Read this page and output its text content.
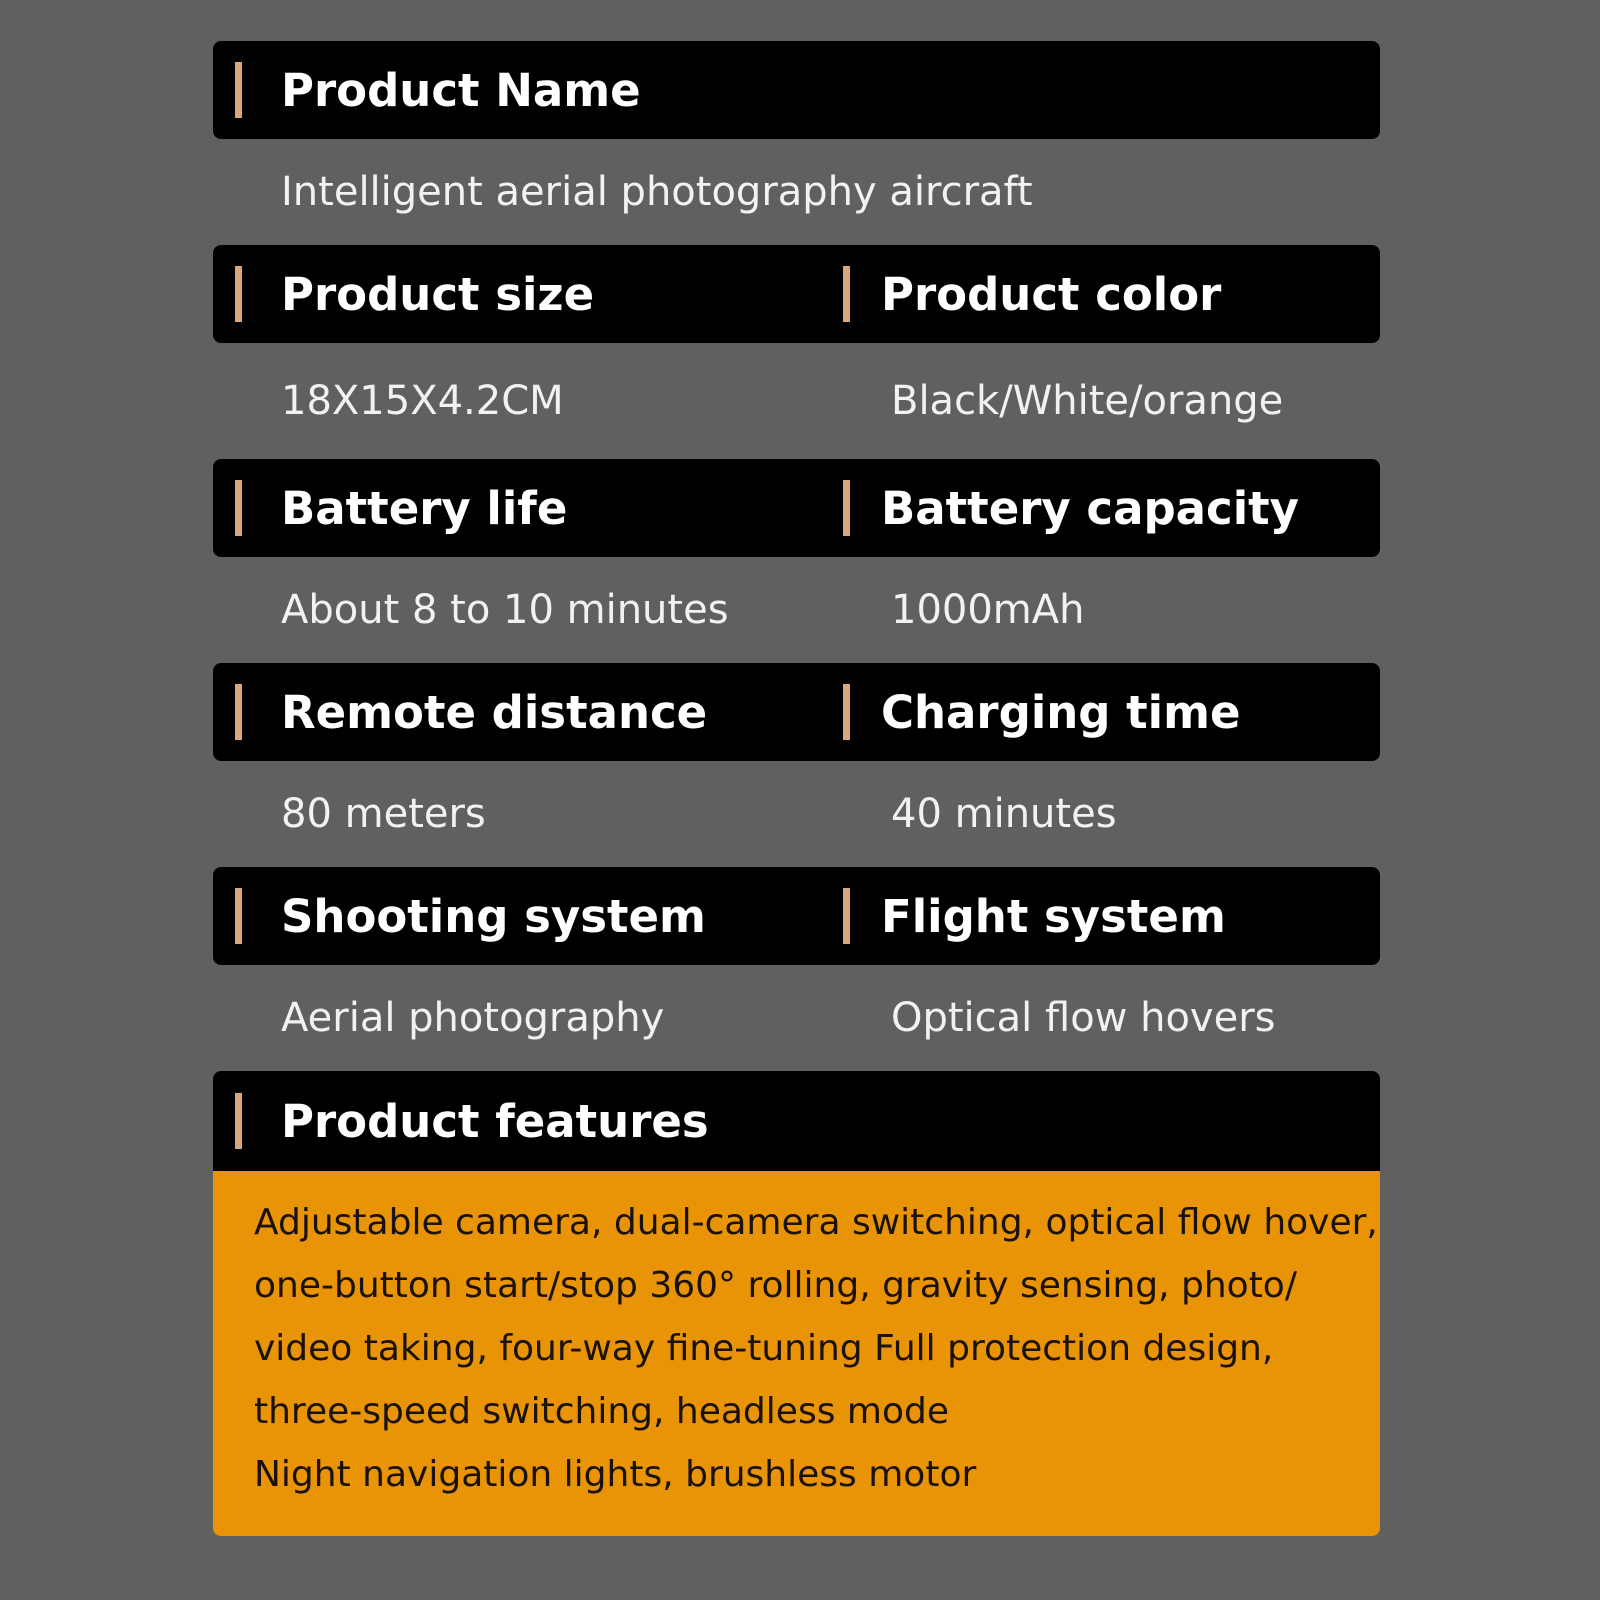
Product Name
Intelligent aerial photography aircraft
Product size	Product color
18X15X4.2CM	Black/White/orange
Battery life	Battery capacity
About 8 to 10 minutes	1000mAh
Remote distance	Charging time
80 meters	40 minutes
Shooting system	Flight system
Aerial photography	Optical flow hovers
Product features
Adjustable camera, dual-camera switching, optical flow hover,
one-button start/stop 360° rolling, gravity sensing, photo/
video taking, four-way fine-tuning Full protection design,
three-speed switching, headless mode
Night navigation lights, brushless motor
